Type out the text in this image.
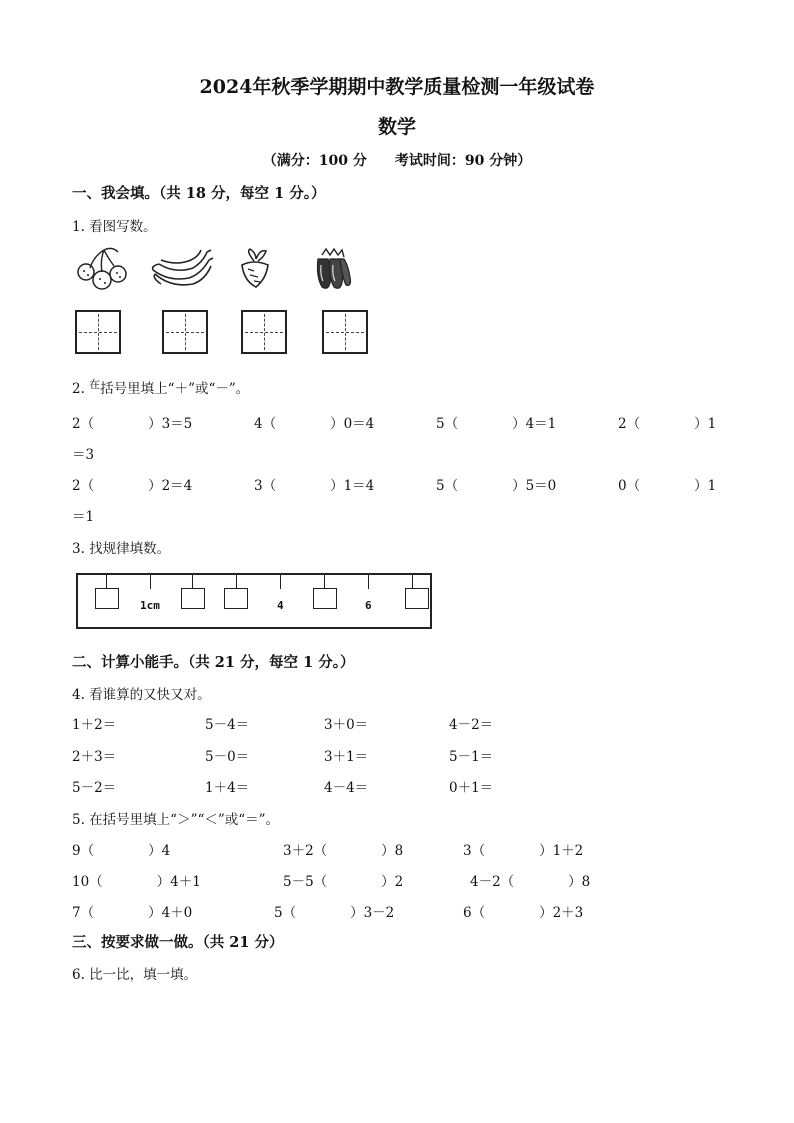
2024年秋季学期期中教学质量检测一年级试卷
数学
（满分：100 分　　考试时间：90 分钟）
一、我会填。（共 18 分，每空 1 分。）
1. 看图写数。
2. $^在$括号里填上“＋”或“－”。
2（　　　　）3＝5	4（　　　　）0＝4	5（　　　　）4＝1	2（　　　　）1
＝3
2（　　　　）2＝4	3（　　　　）1＝4	5（　　　　）5＝0	0（　　　　）1
＝1
3. 找规律填数。
1cm	4	6
二、计算小能手。（共 21 分，每空 1 分。）
4. 看谁算的又快又对。
1＋2＝	5－4＝	3＋0＝	4－2＝
2＋3＝	5－0＝	3＋1＝	5－1＝
5－2＝	1＋4＝	4－4＝	0＋1＝
5. 在括号里填上“＞”“＜”或“＝”。
9（　　　　）4	3＋2（　　　　）8	3（　　　　）1＋2
10（　　　　）4＋1	5－5（　　　　）2	4－2（　　　　）8
7（　　　　）4＋0	5（　　　　）3－2	6（　　　　）2＋3
三、按要求做一做。（共 21 分）
6. 比一比，填一填。
